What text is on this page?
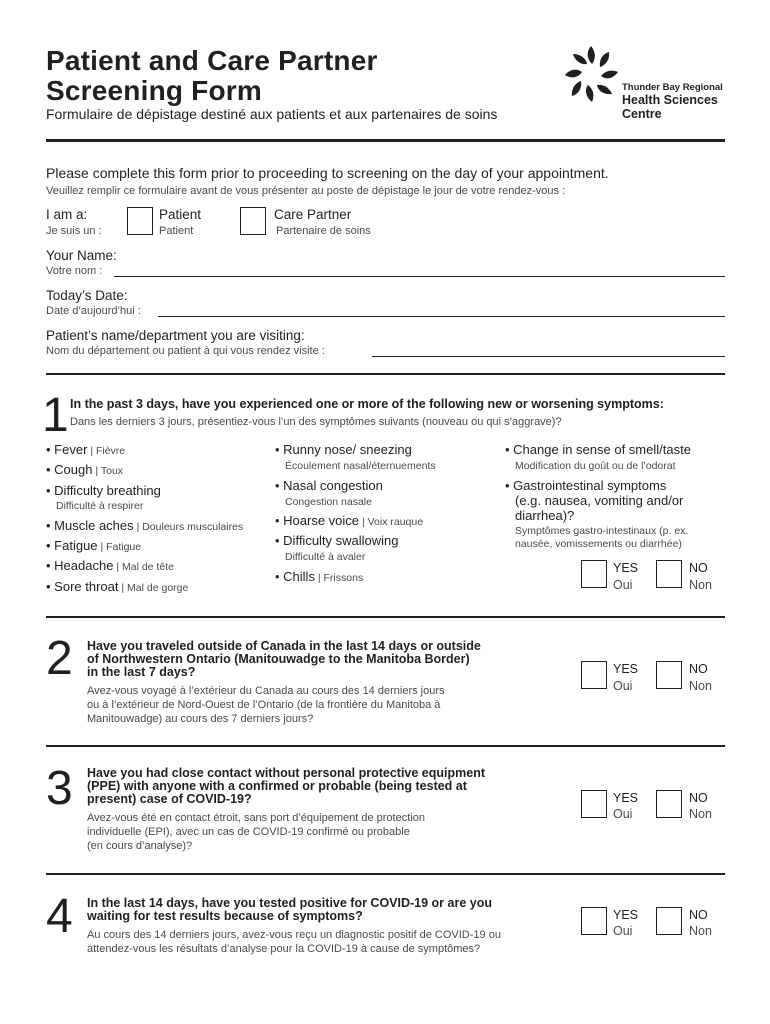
Patient and Care Partner
Screening Form
Formulaire de dépistage destiné aux patients et aux partenaires de soins
Thunder Bay Regional
Health Sciences
Centre
Please complete this form prior to proceeding to screening on the day of your appointment.
Veuillez remplir ce formulaire avant de vous présenter au poste de dépistage le jour de votre rendez-vous :
I am a:
Je suis un :
Patient
Patient
Care Partner
Partenaire de soins
Your Name:
Votre nom :
Today’s Date:
Date d’aujourd’hui :
Patient’s name/department you are visiting:
Nom du département ou patient à qui vous rendez visite :
1 In the past 3 days, have you experienced one or more of the following new or worsening symptoms:
Dans les derniers 3 jours, présentiez-vous l’un des symptômes suivants (nouveau ou qui s’aggrave)?
• Fever | Fièvre
• Cough | Toux
• Difficulty breathing
Difficulté à respirer
• Muscle aches | Douleurs musculaires
• Fatigue | Fatigue
• Headache | Mal de tête
• Sore throat | Mal de gorge
• Runny nose/ sneezing
Écoulement nasal/éternuements
• Nasal congestion
Congestion nasale
• Hoarse voice | Voix rauque
• Difficulty swallowing
Difficulté à avaler
• Chills | Frissons
• Change in sense of smell/taste
Modification du goût ou de l’odorat
• Gastrointestinal symptoms
(e.g. nausea, vomiting and/or
diarrhea)?
Symptômes gastro-intestinaux (p. ex.
nausée, vomissements ou diarrhée)
YES
Oui
NO
Non
2 Have you traveled outside of Canada in the last 14 days or outside
of Northwestern Ontario (Manitouwadge to the Manitoba Border)
in the last 7 days?
Avez-vous voyagé à l’extérieur du Canada au cours des 14 derniers jours
ou à l’extérieur de Nord-Ouest de l’Ontario (de la frontière du Manitoba à
Manitouwadge) au cours des 7 derniers jours?
YES
Oui
NO
Non
3 Have you had close contact without personal protective equipment
(PPE) with anyone with a confirmed or probable (being tested at
present) case of COVID-19?
Avez-vous été en contact étroit, sans port d’équipement de protection
individuelle (EPI), avec un cas de COVID-19 confirmé ou probable
(en cours d’analyse)?
YES
Oui
NO
Non
4 In the last 14 days, have you tested positive for COVID-19 or are you
waiting for test results because of symptoms?
Au cours des 14 derniers jours, avez-vous reçu un diagnostic positif de COVID-19 ou
attendez-vous les résultats d’analyse pour la COVID-19 à cause de symptômes?
YES
Oui
NO
Non
